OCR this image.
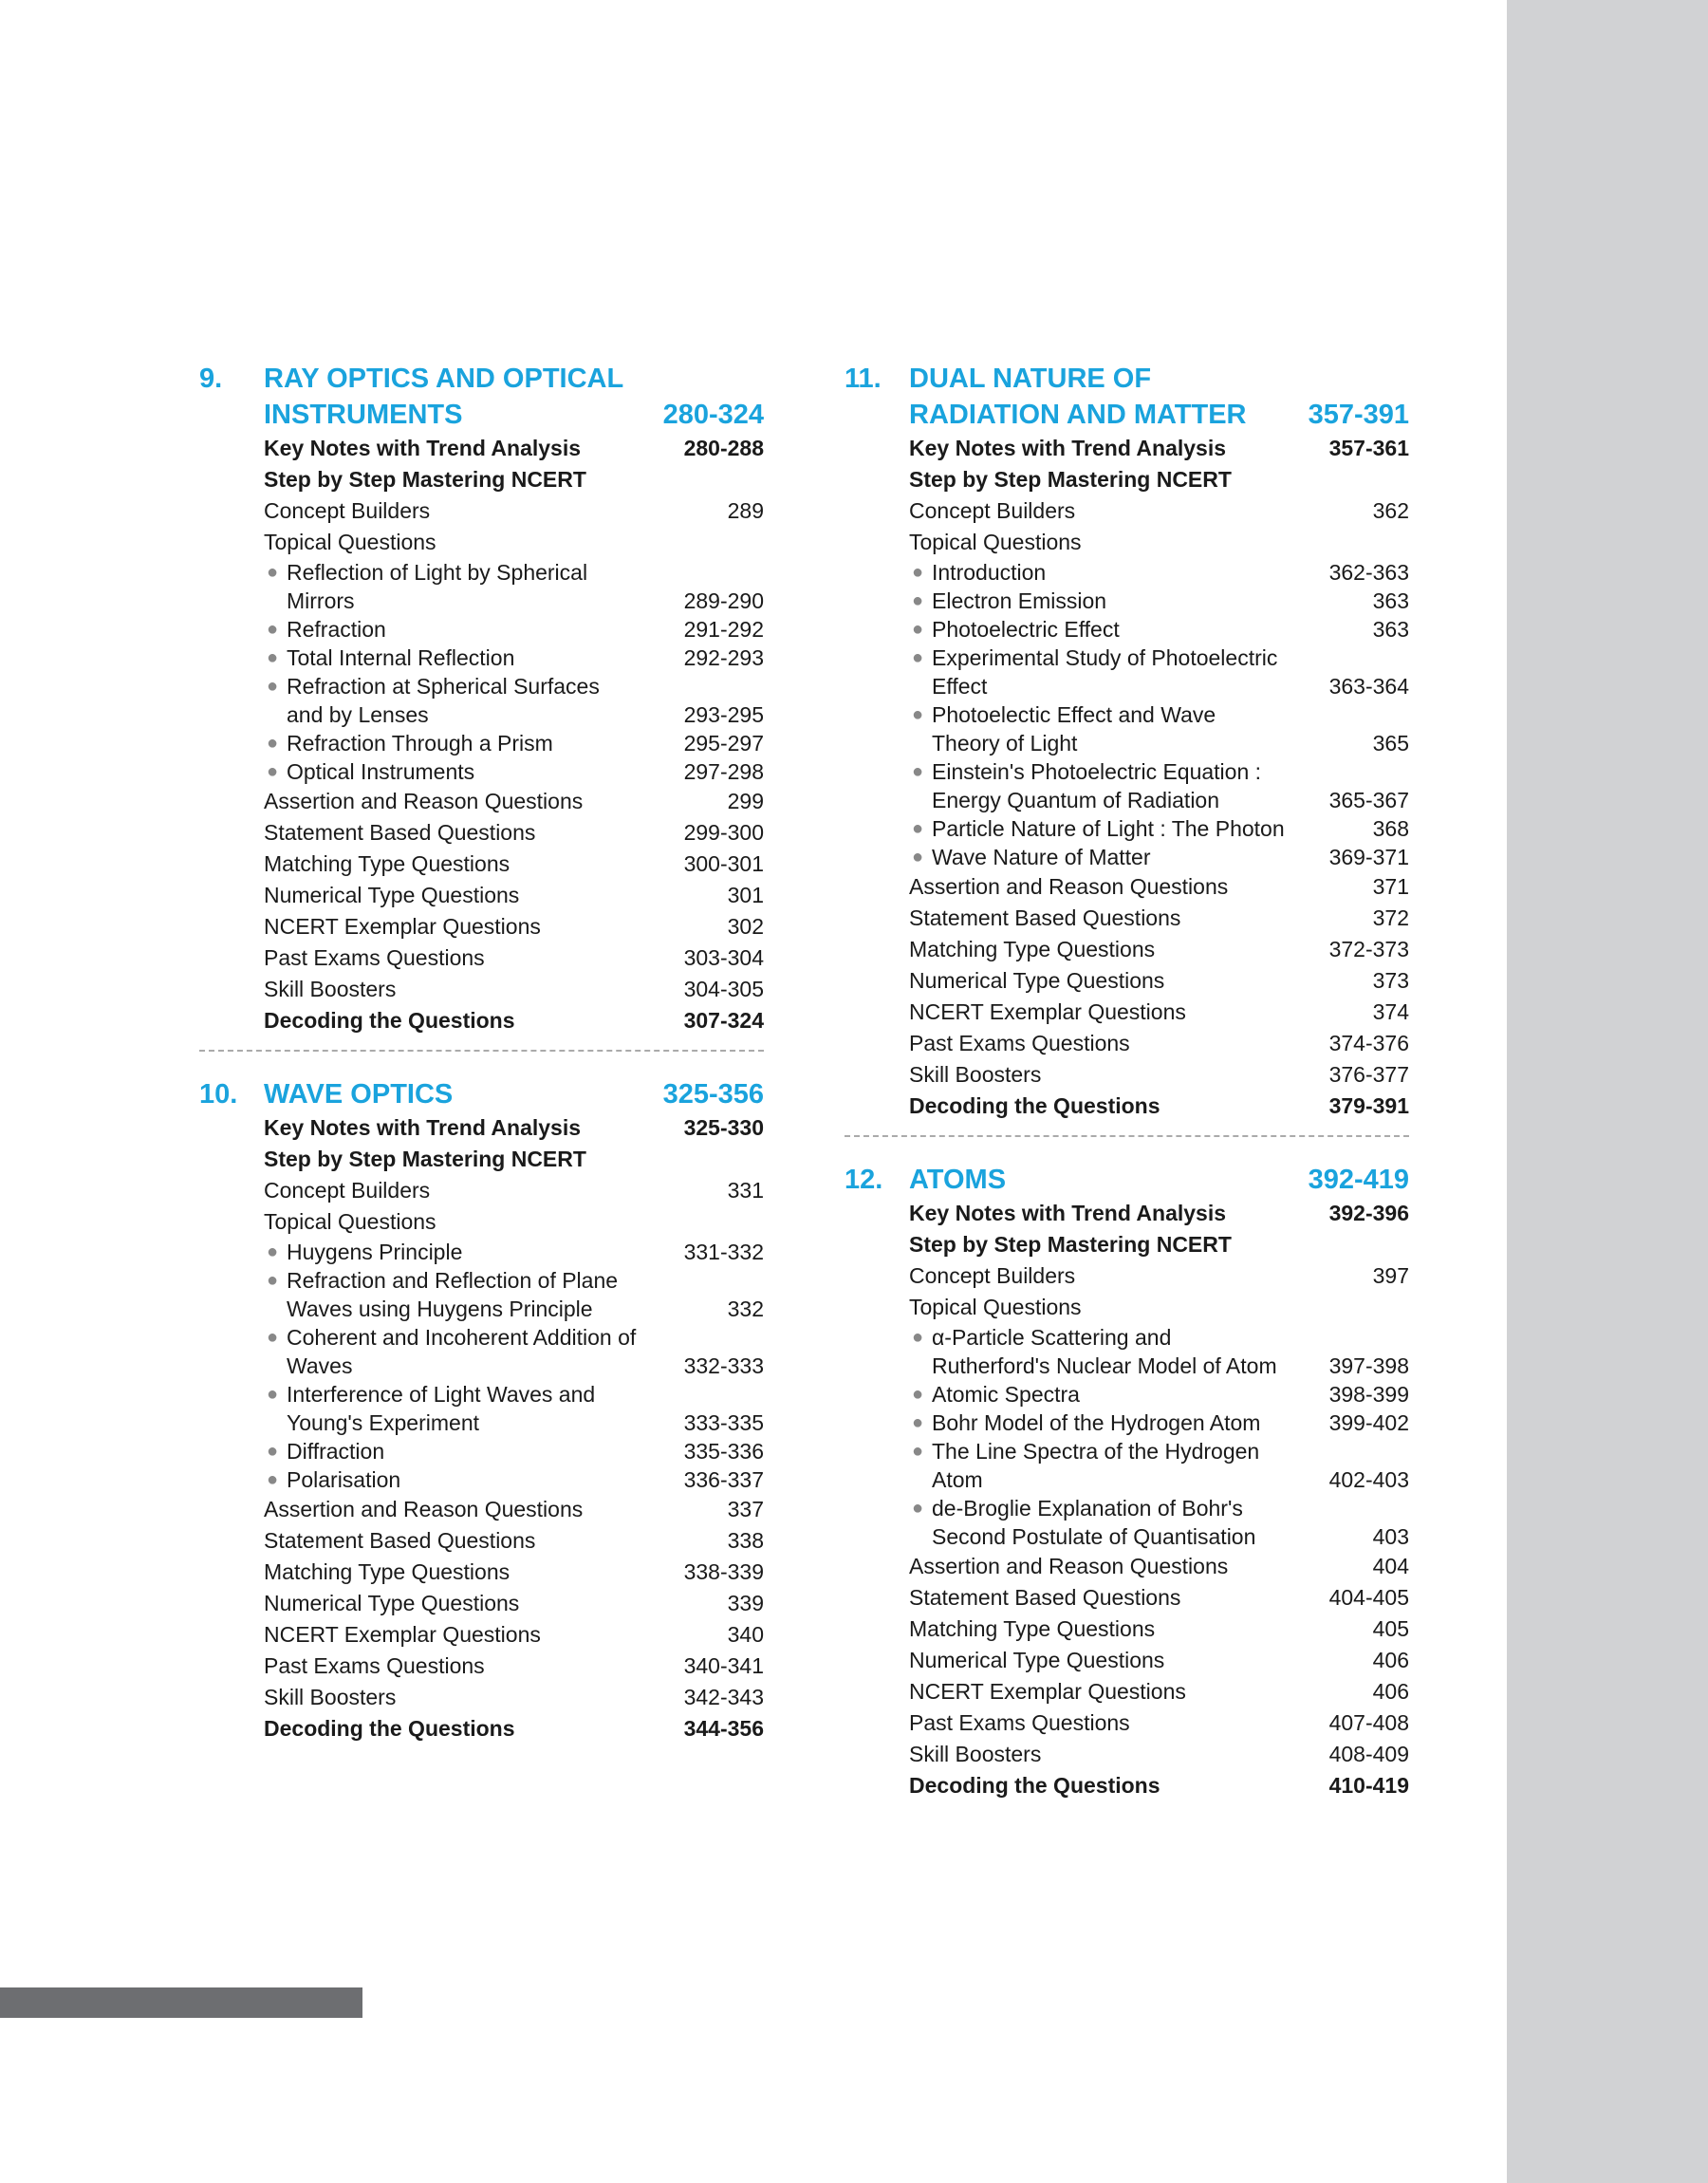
9. RAY OPTICS AND OPTICAL INSTRUMENTS	280-324
Key Notes with Trend Analysis	280-288
Step by Step Mastering NCERT
Concept Builders	289
Topical Questions
● Reflection of Light by Spherical Mirrors	289-290
● Refraction	291-292
● Total Internal Reflection	292-293
● Refraction at Spherical Surfaces and by Lenses	293-295
● Refraction Through a Prism	295-297
● Optical Instruments	297-298
Assertion and Reason Questions	299
Statement Based Questions	299-300
Matching Type Questions	300-301
Numerical Type Questions	301
NCERT Exemplar Questions	302
Past Exams Questions	303-304
Skill Boosters	304-305
Decoding the Questions	307-324
10. WAVE OPTICS	325-356
Key Notes with Trend Analysis	325-330
Step by Step Mastering NCERT
Concept Builders	331
Topical Questions
● Huygens Principle	331-332
● Refraction and Reflection of Plane Waves using Huygens Principle	332
● Coherent and Incoherent Addition of Waves	332-333
● Interference of Light Waves and Young's Experiment	333-335
● Diffraction	335-336
● Polarisation	336-337
Assertion and Reason Questions	337
Statement Based Questions	338
Matching Type Questions	338-339
Numerical Type Questions	339
NCERT Exemplar Questions	340
Past Exams Questions	340-341
Skill Boosters	342-343
Decoding the Questions	344-356
11. DUAL NATURE OF RADIATION AND MATTER	357-391
Key Notes with Trend Analysis	357-361
Step by Step Mastering NCERT
Concept Builders	362
Topical Questions
● Introduction	362-363
● Electron Emission	363
● Photoelectric Effect	363
● Experimental Study of Photoelectric Effect	363-364
● Photoelectic Effect and Wave Theory of Light	365
● Einstein's Photoelectric Equation : Energy Quantum of Radiation	365-367
● Particle Nature of Light : The Photon	368
● Wave Nature of Matter	369-371
Assertion and Reason Questions	371
Statement Based Questions	372
Matching Type Questions	372-373
Numerical Type Questions	373
NCERT Exemplar Questions	374
Past Exams Questions	374-376
Skill Boosters	376-377
Decoding the Questions	379-391
12. ATOMS	392-419
Key Notes with Trend Analysis	392-396
Step by Step Mastering NCERT
Concept Builders	397
Topical Questions
● α-Particle Scattering and Rutherford's Nuclear Model of Atom 397-398
● Atomic Spectra	398-399
● Bohr Model of the Hydrogen Atom	399-402
● The Line Spectra of the Hydrogen Atom	402-403
● de-Broglie Explanation of Bohr's Second Postulate of Quantisation	403
Assertion and Reason Questions	404
Statement Based Questions	404-405
Matching Type Questions	405
Numerical Type Questions	406
NCERT Exemplar Questions	406
Past Exams Questions	407-408
Skill Boosters	408-409
Decoding the Questions	410-419
